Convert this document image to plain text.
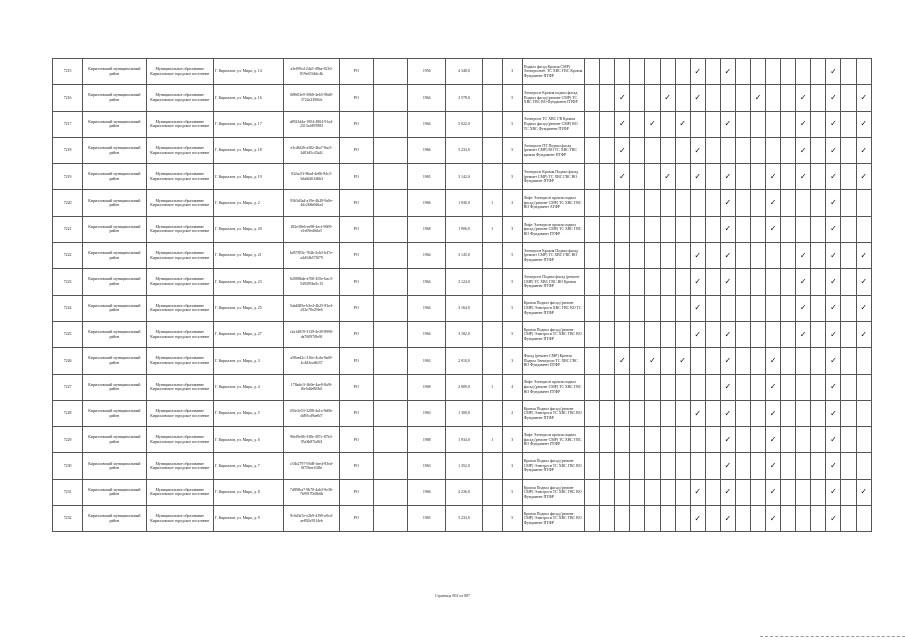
7215	Кирилловский муниципальный район	Муниципальное образование Кирилловское городское поселение	Г. Кириллов, ул. Мира, д. 14	a3ef99cd-24a5-49ba-8216-819e67d4dc4b	РО		1956	4 348,0		3	Подвал фасад Кровля СМР) Электроснаб. ТС ХВС ГВС Кровля Фундамент ПТФР								✓		✓							✓		
7216	Кирилловский муниципальный район	Муниципальное образование Кирилловское городское поселение	Г. Кириллов, ул. Мира, д. 16	0f8603e9-3968-4e65-96d0-3722e239f6fe	РО		1964	3 578,0		5	Электросн Кровля подвал фасад Подвал фасад (ремонт СМР) ТС ХВС ГВС ВО Фундамент ПТФР			✓			✓		✓				✓			✓		✓		✓
7217	Кирилловский муниципальный район	Муниципальное образование Кирилловское городское поселение	Г. Кириллов, ул. Мира, д. 17	a8923d4a-1904-4804-91a4-2313cd495983	РО		1964	5 022,0		5	Электросн ТС ХВС ГВ Кровля Подвал фасад (ремонт СМР) ВО ТС ХВС Фундамент ПТФР			✓		✓		✓			✓					✓		✓		✓
7218	Кирилловский муниципальный район	Муниципальное образование Кирилловское городское поселение	Г. Кириллов, ул. Мира, д. 18	e3cd6f26-a382-4ba7-8ac5-2d03d5c43a2f	РО		1966	5 233,0		5	Электросн ПТ Подвал фасад (ремонт СМР) ВО ТС ХВС ГВС кровля Фундамент ПТФР			✓					✓							✓		✓		✓
7219	Кирилловский муниципальный район	Муниципальное образование Кирилловское городское поселение	Г. Кириллов, ул. Мира, д. 19	032ac53-86ad-4e8b-94c3-3da0d261d6b3	РО		1965	3 142,0		5	Электросн Кровля Подвал фасад (ремонт СМР) ТС ХВС ГВС ВО Фундамент ПТФР			✓			✓		✓		✓			✓		✓		✓		✓
7220	Кирилловский муниципальный район	Муниципальное образование Кирилловское городское поселение	Г. Кириллов, ул. Мира, д. 2	9363d3a4-a19e-4b28-9a0e-4dc268e0d6a4	РО		1966	1 940,0	1	3	Лифт Электросн кровля подвал фасад (ремонт СМР) ТС ХВС ГВС ВО Фундамент АТФР										✓			✓				✓		
7221	Кирилловский муниципальный район	Муниципальное образование Кирилловское городское поселение	Г. Кириллов, ул. Мира, д. 20	282e38e6-ee98-4ecf-9609-e1e09ed6ffa5	РО		1968	1 906,0	1	3	Лифт Электросн кровля подвал фасад (ремонт СМР) ТС ХВС ГВС ВО Фундамент ПТФР										✓			✓				✓		
7222	Кирилловский муниципальный район	Муниципальное образование Кирилловское городское поселение	Г. Кириллов, ул. Мира, д. 21	bd57853c-762b-4cb5-b47e-a4d34b57f079	РО		1964	3 145,0		5	Электросн Кровля Подвал фасад (ремонт СМР) ТС ХВС ГВС ВО Фундамент ПТФР								✓		✓					✓		✓		✓
7223	Кирилловский муниципальный район	Муниципальное образование Кирилловское городское поселение	Г. Кириллов, ул. Мира, д. 23	62088bde-a760-455e-bac3-549495be5c15	РО		1964	3 124,0		5	Электросн Подвал фасад (ремонт СМР) ТС ХВС ГВС ВО Кровля Фундамент ПТФР								✓		✓					✓		✓		✓
7224	Кирилловский муниципальный район	Муниципальное образование Кирилловское городское поселение	Г. Кириллов, ул. Мира, д. 25	5ab4685e-b3e4-4b25-93e4-d12e78e29fe6	РО		1964	3 164,0		5	Кровля Подвал фасад (ремонт СМР) Электросн ХВС ГВС ВО ТС Фундамент ПТФР								✓							✓		✓		✓
7225	Кирилловский муниципальный район	Муниципальное образование Кирилловское городское поселение	Г. Кириллов, ул. Мира, д. 27	c2a1d819-3139-4e39-8990-da76097f8e9f	РО		1964	3 182,0		5	Кровля Подвал фасад (ремонт СМР) Электросн ТС ХВС ГВС ВО Фундамент ПТФР								✓		✓					✓		✓		✓
7226	Кирилловский муниципальный район	Муниципальное образование Кирилловское городское поселение	Г. Кириллов, ул. Мира, д. 3	a58ae42c-316e-4cda-9ad9-4c4d3ecd6f37	РО		1963	2 010,0		3	Фасад (ремонт СМР) Кровля Подвал Электросн ТС ХВС ГВС ВО Фундамент ПТФР			✓		✓		✓			✓			✓				✓		
7227	Кирилловский муниципальный район	Муниципальное образование Кирилловское городское поселение	Г. Кириллов, ул. Мира, д. 4	178ade1f-4b9e-4ae0-8a9f-f6e5d4e8f0b5	РО		1968	2 009,0	1	4	Лифт Электросн кровля подвал фасад (ремонт СМР) ТС ХВС ГВС ВО Фундамент ПТФР										✓			✓				✓		
7228	Кирилловский муниципальный район	Муниципальное образование Кирилловское городское поселение	Г. Кириллов, ул. Мира, д. 5	f65e3e53-3208-4a1a-9d0b-dd95cd9ae6f7	РО		1963	1 300,0		2	Кровля Подвал фасад (ремонт СМР) Электросн ТС ХВС ГВС ВО Фундамент ПТФР								✓		✓			✓				✓		
7229	Кирилловский муниципальный район	Муниципальное образование Кирилловское городское поселение	Г. Кириллов, ул. Мира, д. 6	96ef9e06-338e-497c-87b3-95a3b87fa8f4	РО		1988	1 934,0	1	3	Лифт Электросн кровля подвал фасад (ремонт СМР) ТС ХВС ГВС ВО Фундамент ПТФР										✓			✓				✓		
7230	Кирилловский муниципальный район	Муниципальное образование Кирилловское городское поселение	Г. Кириллов, ул. Мира, д. 7	c33b2797-93d8-4ee4-83ed-0f756ee1f48e	РО		1963	1 352,0		3	Кровля Подвал фасад (ремонт СМР) Электросн ТС ХВС ГВС ВО Фундамент ПТФР										✓			✓				✓		
7231	Кирилловский муниципальный район	Муниципальное образование Кирилловское городское поселение	Г. Кириллов, ул. Мира, д. 8	7d898ca7-9b70-4ab3-9e36-7b99170d3b6b	РО		1966	4 236,0		5	Кровля Подвал фасад (ремонт СМР) Электросн ТС ХВС ГВС ВО Фундамент ПТФР								✓		✓			✓				✓		✓
7232	Кирилловский муниципальный район	Муниципальное образование Кирилловское городское поселение	Г. Кириллов, ул. Мира, д. 9	9c6d3a7e-e2b9-4190-a9cd-ae802e5914eb	РО		1965	5 233,0		5	Кровля Подвал фасад (ремонт СМР) Электросн ТС ХВС ГВС ВО Фундамент ПТФР								✓		✓			✓				✓		
Страница 802 из 887
